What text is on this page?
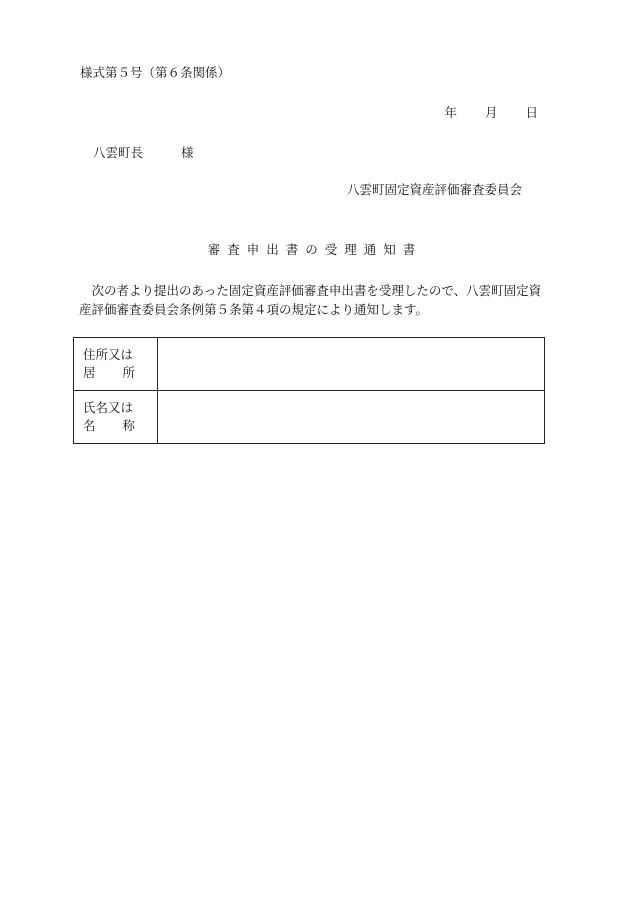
様式第５号（第６条関係）
年 月 日
八雲町長	様
八雲町固定資産評価審査委員会
審査申出書の受理通知書
次の者より提出のあった固定資産評価審査申出書を受理したので、八雲町固定資産評価審査委員会条例第５条第４項の規定により通知します。
住所又は
居　所	

氏名又は
名　称	
